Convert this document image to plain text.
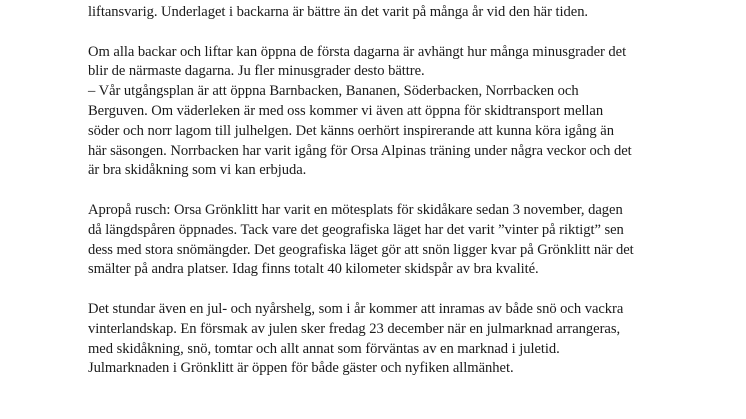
liftansvarig. Underlaget i backarna är bättre än det varit på många år vid den här tiden.
Om alla backar och liftar kan öppna de första dagarna är avhängt hur många minusgrader det
blir de närmaste dagarna. Ju fler minusgrader desto bättre.
– Vår utgångsplan är att öppna Barnbacken, Bananen, Söderbacken, Norrbacken och
Berguven. Om väderleken är med oss kommer vi även att öppna för skidtransport mellan
söder och norr lagom till julhelgen. Det känns oerhört inspirerande att kunna köra igång än
här säsongen. Norrbacken har varit igång för Orsa Alpinas träning under några veckor och det
är bra skidåkning som vi kan erbjuda.
Apropå rusch: Orsa Grönklitt har varit en mötesplats för skidåkare sedan 3 november, dagen
då längdspåren öppnades. Tack vare det geografiska läget har det varit ”vinter på riktigt” sen
dess med stora snömängder. Det geografiska läget gör att snön ligger kvar på Grönklitt när det
smälter på andra platser. Idag finns totalt 40 kilometer skidspår av bra kvalité.
Det stundar även en jul- och nyårshelg, som i år kommer att inramas av både snö och vackra
vinterlandskap. En försmak av julen sker fredag 23 december när en julmarknad arrangeras,
med skidåkning, snö, tomtar och allt annat som förväntas av en marknad i juletid.
Julmarknaden i Grönklitt är öppen för både gäster och nyfiken allmänhet.
